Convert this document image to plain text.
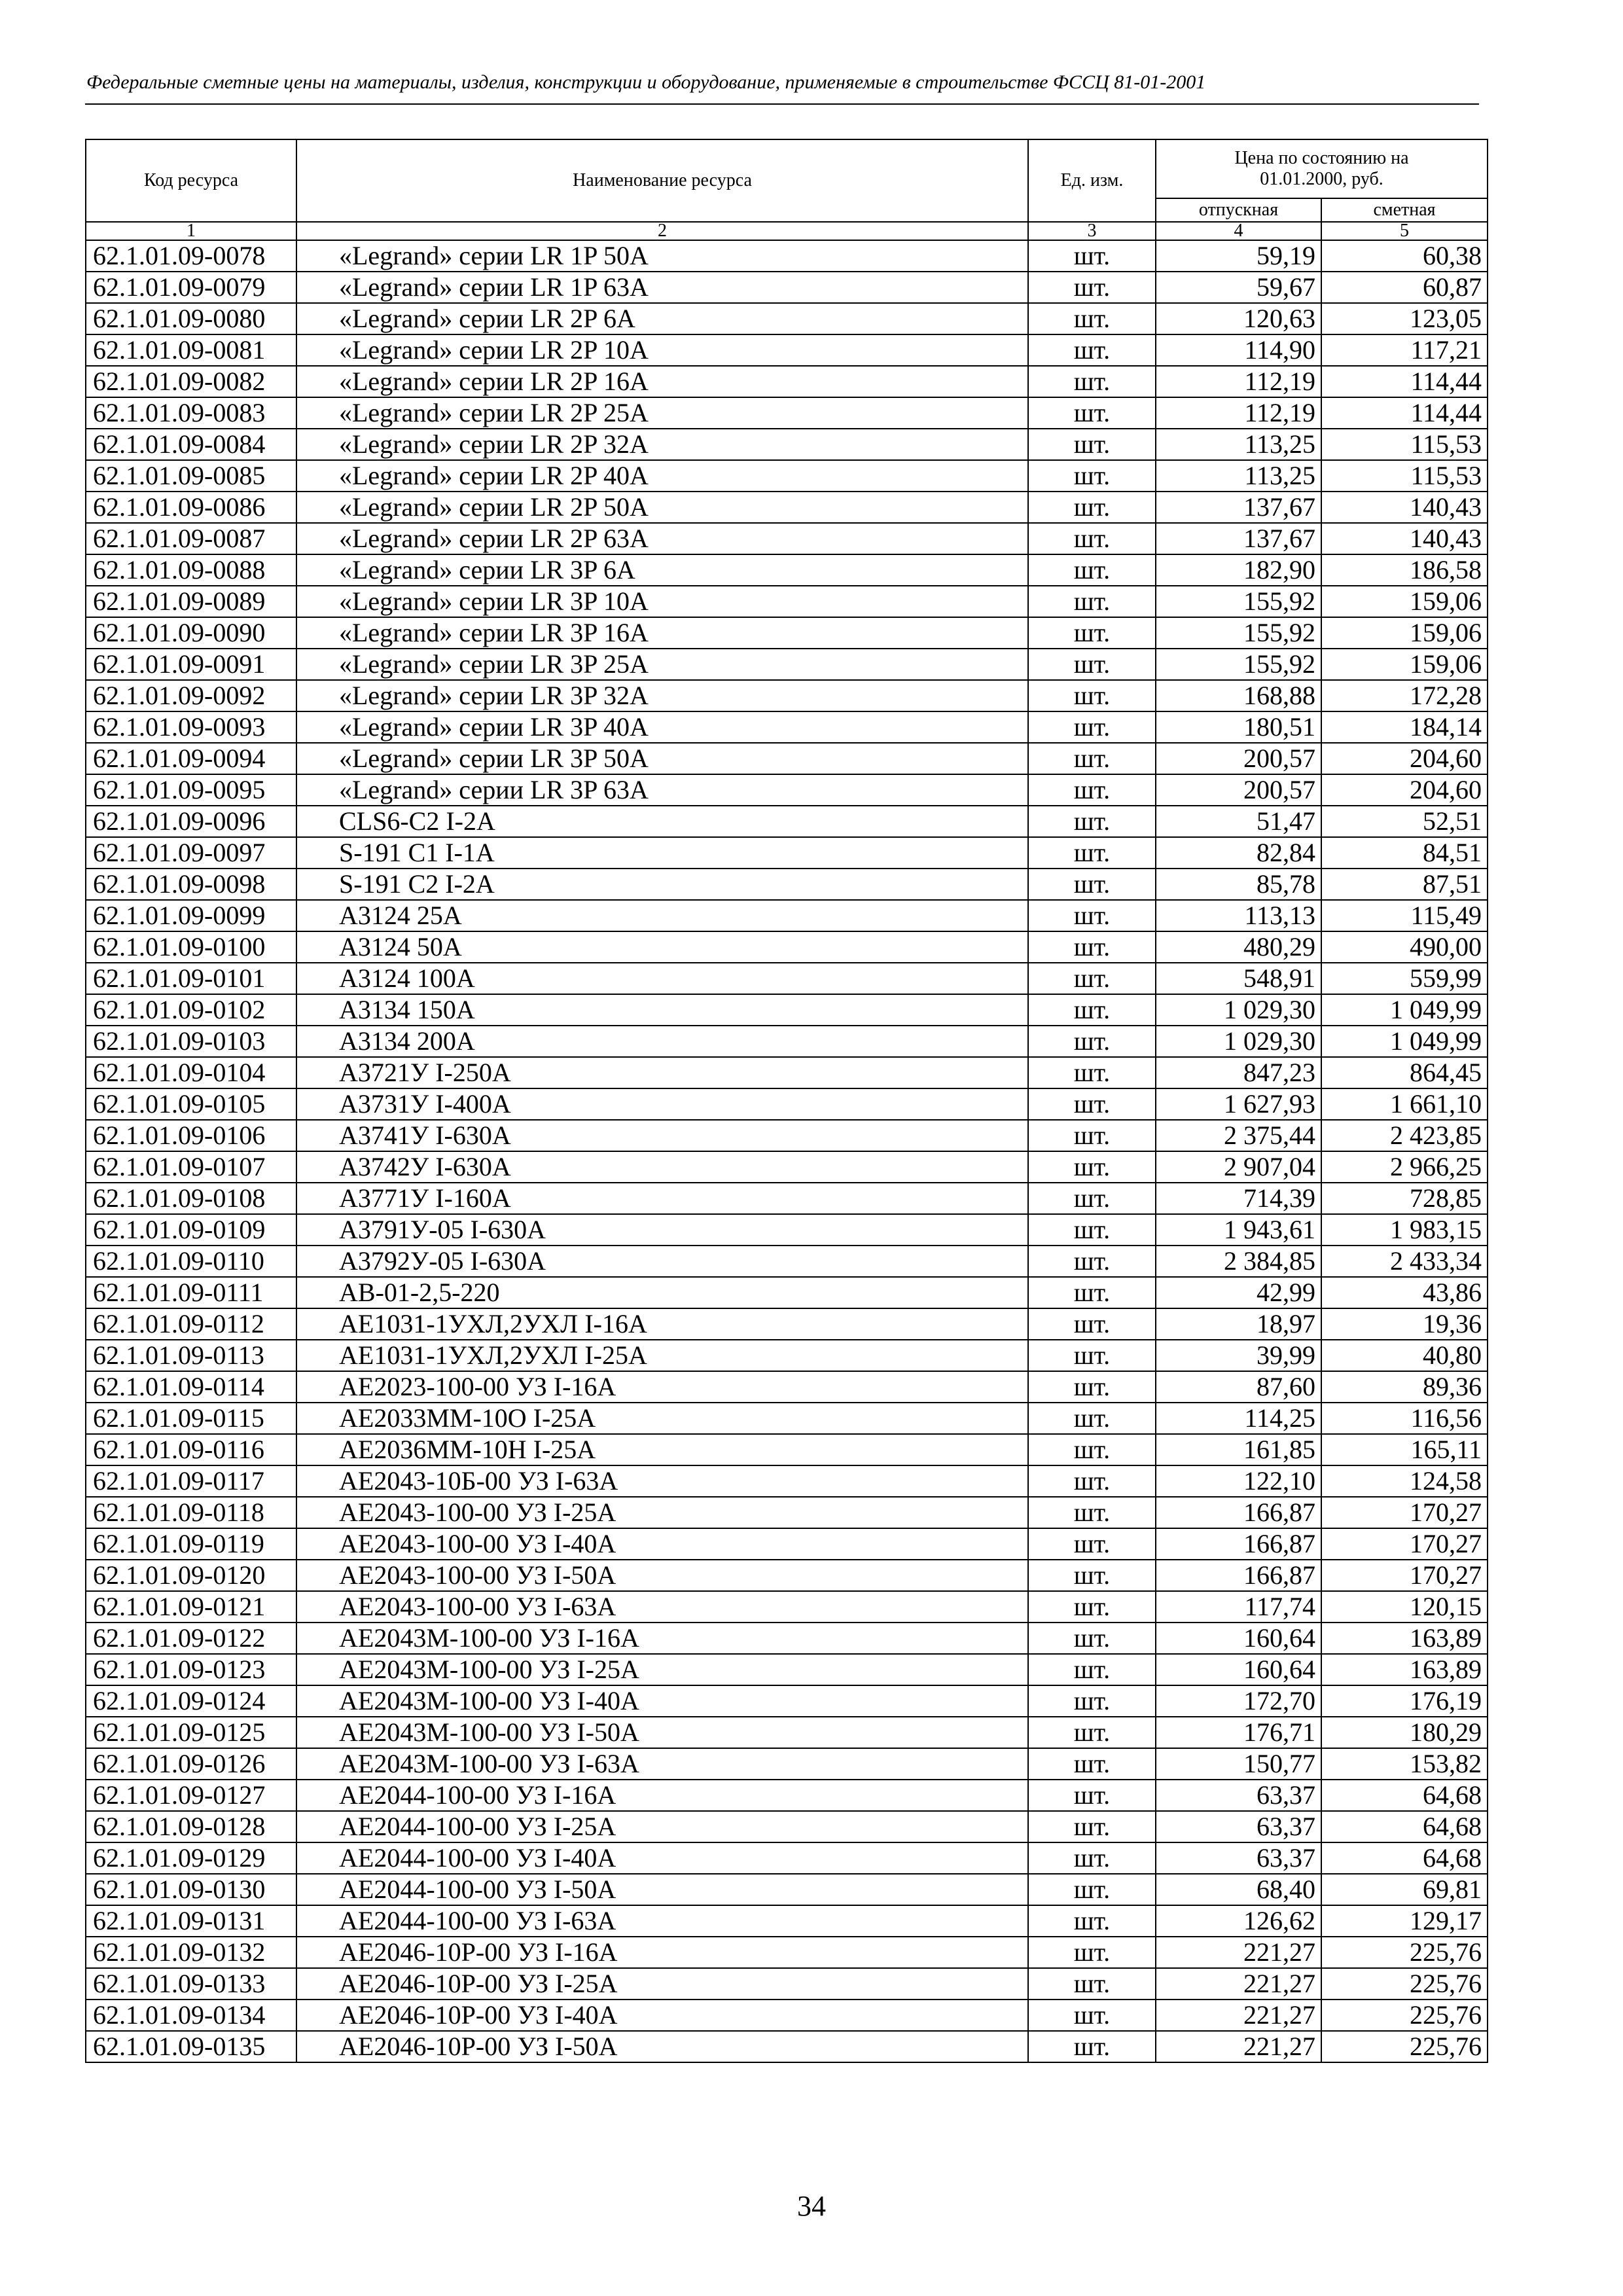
Федеральные сметные цены на материалы, изделия, конструкции и оборудование, применяемые в строительстве ФССЦ 81-01-2001
Код ресурса	Наименование ресурса	Ед. изм.	Цена по состоянию на 01.01.2000, руб.	
			отпускная	сметная
1	2	3	4	5
62.1.01.09-0078	«Legrand» серии LR 1P 50A	шт.	59,19	60,38
62.1.01.09-0079	«Legrand» серии LR 1P 63A	шт.	59,67	60,87
62.1.01.09-0080	«Legrand» серии LR 2P 6A	шт.	120,63	123,05
62.1.01.09-0081	«Legrand» серии LR 2P 10A	шт.	114,90	117,21
62.1.01.09-0082	«Legrand» серии LR 2P 16A	шт.	112,19	114,44
62.1.01.09-0083	«Legrand» серии LR 2P 25A	шт.	112,19	114,44
62.1.01.09-0084	«Legrand» серии LR 2P 32A	шт.	113,25	115,53
62.1.01.09-0085	«Legrand» серии LR 2P 40A	шт.	113,25	115,53
62.1.01.09-0086	«Legrand» серии LR 2P 50A	шт.	137,67	140,43
62.1.01.09-0087	«Legrand» серии LR 2P 63A	шт.	137,67	140,43
62.1.01.09-0088	«Legrand» серии LR 3P 6A	шт.	182,90	186,58
62.1.01.09-0089	«Legrand» серии LR 3P 10A	шт.	155,92	159,06
62.1.01.09-0090	«Legrand» серии LR 3P 16A	шт.	155,92	159,06
62.1.01.09-0091	«Legrand» серии LR 3P 25A	шт.	155,92	159,06
62.1.01.09-0092	«Legrand» серии LR 3P 32A	шт.	168,88	172,28
62.1.01.09-0093	«Legrand» серии LR 3P 40A	шт.	180,51	184,14
62.1.01.09-0094	«Legrand» серии LR 3P 50A	шт.	200,57	204,60
62.1.01.09-0095	«Legrand» серии LR 3P 63A	шт.	200,57	204,60
62.1.01.09-0096	CLS6-C2 I-2A	шт.	51,47	52,51
62.1.01.09-0097	S-191 C1 I-1A	шт.	82,84	84,51
62.1.01.09-0098	S-191 C2 I-2A	шт.	85,78	87,51
62.1.01.09-0099	А3124 25А	шт.	113,13	115,49
62.1.01.09-0100	А3124 50А	шт.	480,29	490,00
62.1.01.09-0101	А3124 100А	шт.	548,91	559,99
62.1.01.09-0102	А3134 150А	шт.	1 029,30	1 049,99
62.1.01.09-0103	А3134 200А	шт.	1 029,30	1 049,99
62.1.01.09-0104	А3721У I-250А	шт.	847,23	864,45
62.1.01.09-0105	А3731У I-400А	шт.	1 627,93	1 661,10
62.1.01.09-0106	А3741У I-630А	шт.	2 375,44	2 423,85
62.1.01.09-0107	А3742У I-630А	шт.	2 907,04	2 966,25
62.1.01.09-0108	А3771У I-160А	шт.	714,39	728,85
62.1.01.09-0109	А3791У-05 I-630А	шт.	1 943,61	1 983,15
62.1.01.09-0110	А3792У-05 I-630А	шт.	2 384,85	2 433,34
62.1.01.09-0111	АВ-01-2,5-220	шт.	42,99	43,86
62.1.01.09-0112	АЕ1031-1УХЛ,2УХЛ I-16А	шт.	18,97	19,36
62.1.01.09-0113	АЕ1031-1УХЛ,2УХЛ I-25А	шт.	39,99	40,80
62.1.01.09-0114	АЕ2023-100-00 УЗ I-16А	шт.	87,60	89,36
62.1.01.09-0115	АЕ2033ММ-10О I-25А	шт.	114,25	116,56
62.1.01.09-0116	АЕ2036ММ-10Н I-25А	шт.	161,85	165,11
62.1.01.09-0117	АЕ2043-10Б-00 УЗ I-63А	шт.	122,10	124,58
62.1.01.09-0118	АЕ2043-100-00 УЗ I-25А	шт.	166,87	170,27
62.1.01.09-0119	АЕ2043-100-00 УЗ I-40А	шт.	166,87	170,27
62.1.01.09-0120	АЕ2043-100-00 УЗ I-50А	шт.	166,87	170,27
62.1.01.09-0121	АЕ2043-100-00 УЗ I-63А	шт.	117,74	120,15
62.1.01.09-0122	АЕ2043М-100-00 УЗ I-16А	шт.	160,64	163,89
62.1.01.09-0123	АЕ2043М-100-00 УЗ I-25А	шт.	160,64	163,89
62.1.01.09-0124	АЕ2043М-100-00 УЗ I-40А	шт.	172,70	176,19
62.1.01.09-0125	АЕ2043М-100-00 УЗ I-50А	шт.	176,71	180,29
62.1.01.09-0126	АЕ2043М-100-00 УЗ I-63А	шт.	150,77	153,82
62.1.01.09-0127	АЕ2044-100-00 УЗ I-16А	шт.	63,37	64,68
62.1.01.09-0128	АЕ2044-100-00 УЗ I-25А	шт.	63,37	64,68
62.1.01.09-0129	АЕ2044-100-00 УЗ I-40А	шт.	63,37	64,68
62.1.01.09-0130	АЕ2044-100-00 УЗ I-50А	шт.	68,40	69,81
62.1.01.09-0131	АЕ2044-100-00 УЗ I-63А	шт.	126,62	129,17
62.1.01.09-0132	АЕ2046-10Р-00 УЗ I-16А	шт.	221,27	225,76
62.1.01.09-0133	АЕ2046-10Р-00 УЗ I-25А	шт.	221,27	225,76
62.1.01.09-0134	АЕ2046-10Р-00 УЗ I-40А	шт.	221,27	225,76
62.1.01.09-0135	АЕ2046-10Р-00 УЗ I-50А	шт.	221,27	225,76
34
